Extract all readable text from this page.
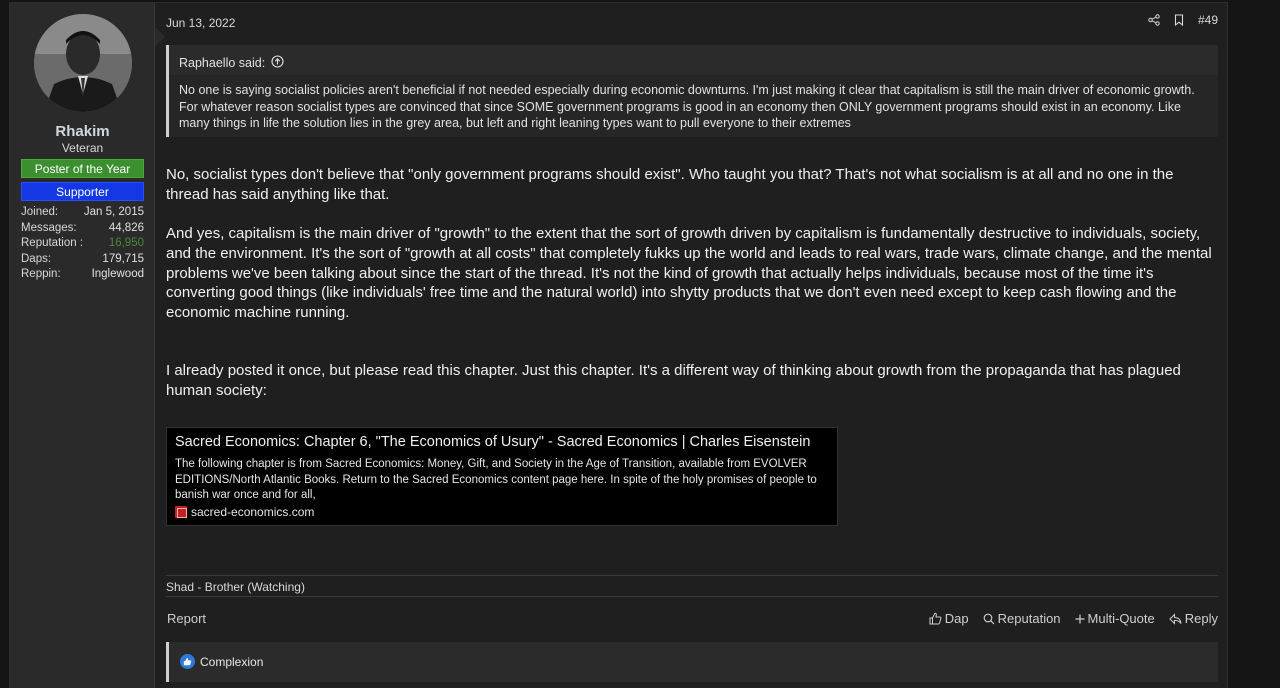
Rhakim
Veteran
Poster of the Year
Supporter
Joined: Jan 5, 2015
Messages:	44,826
Reputation : 16,950
Daps:	179,715
Reppin:	Inglewood
Jun 13, 2022	#49
Raphaello said:
No one is saying socialist policies aren't beneficial if not needed especially during economic downturns. I'm just making it clear that capitalism is still the main driver of economic growth. For whatever reason socialist types are convinced that since SOME government programs is good in an economy then ONLY government programs should exist in an economy. Like many things in life the solution lies in the grey area, but left and right leaning types want to pull everyone to their extremes
No, socialist types don't believe that "only government programs should exist". Who taught you that? That's not what socialism is at all and no one in the thread has said anything like that.
And yes, capitalism is the main driver of "growth" to the extent that the sort of growth driven by capitalism is fundamentally destructive to individuals, society, and the environment. It's the sort of "growth at all costs" that completely fukks up the world and leads to real wars, trade wars, climate change, and the mental problems we've been talking about since the start of the thread. It's not the kind of growth that actually helps individuals, because most of the time it's converting good things (like individuals' free time and the natural world) into shytty products that we don't even need except to keep cash flowing and the economic machine running.
I already posted it once, but please read this chapter. Just this chapter. It's a different way of thinking about growth from the propaganda that has plagued human society:
Sacred Economics: Chapter 6, "The Economics of Usury" - Sacred Economics | Charles Eisenstein
The following chapter is from Sacred Economics: Money, Gift, and Society in the Age of Transition, available from EVOLVER EDITIONS/North Atlantic Books. Return to the Sacred Economics content page here. In spite of the holy promises of people to banish war once and for all,
sacred-economics.com
Shad - Brother (Watching)
Report	Dap Reputation Multi-Quote Reply
Complexion
